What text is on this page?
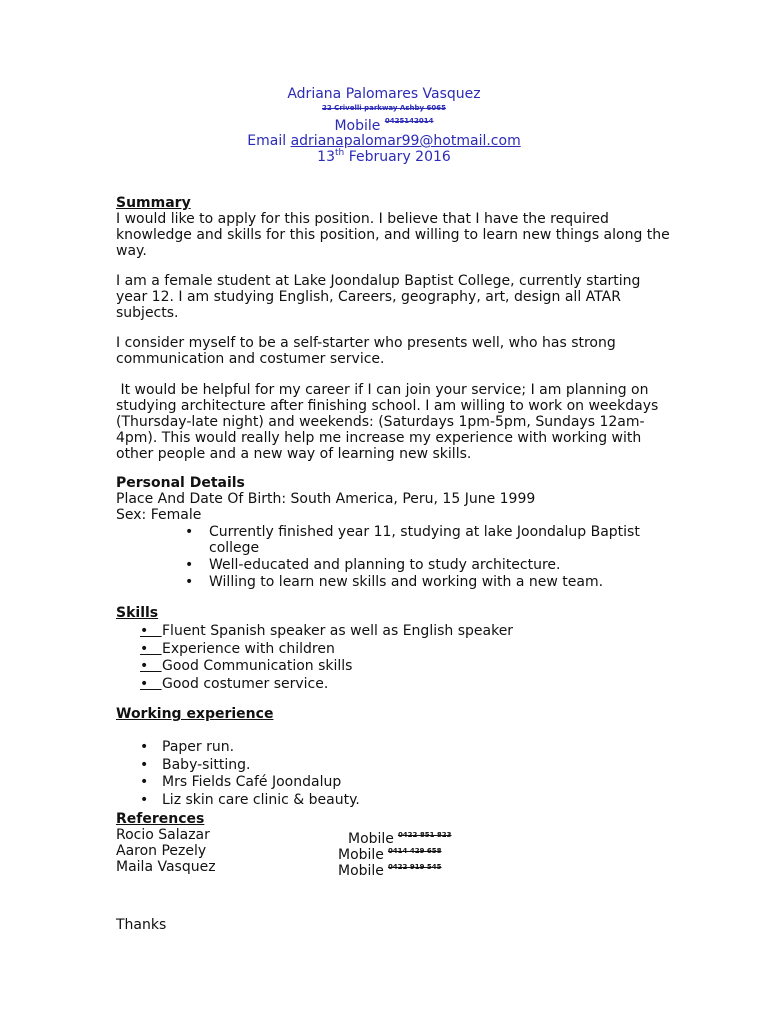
Adriana Palomares Vasquez
22 Crivelli parkway Ashby 6065
Mobile $^{0425142014}$
Email adrianapalomar99@hotmail.com
13th February 2016

Summary

I would like to apply for this position. I believe that I have the required knowledge and skills for this position, and willing to learn new things along the way.

I am a female student at Lake Joondalup Baptist College, currently starting year 12. I am studying English, Careers, geography, art, design all ATAR subjects.

I consider myself to be a self-starter who presents well, who has strong communication and costumer service.

It would be helpful for my career if I can join your service; I am planning on studying architecture after finishing school. I am willing to work on weekdays (Thursday-late night) and weekends: (Saturdays 1pm-5pm, Sundays 12am-4pm). This would really help me increase my experience with working with other people and a new way of learning new skills.

Personal Details

Place And Date Of Birth: South America, Peru, 15 June 1999

Sex: Female

• Currently finished year 11, studying at lake Joondalup Baptist college
• Well-educated and planning to study architecture.
• Willing to learn new skills and working with a new team.

Skills

• Fluent Spanish speaker as well as English speaker
• Experience with children
• Good Communication skills
• Good costumer service.

Working experience

• Paper run.
• Baby-sitting.
• Mrs Fields Café Joondalup
• Liz skin care clinic & beauty.

References

Rocio Salazar	Mobile $^{0422 851 823}$
Aaron Pezely	Mobile $^{0414 429 658}$
Maila Vasquez	Mobile $^{0422 919 545}$

Thanks
